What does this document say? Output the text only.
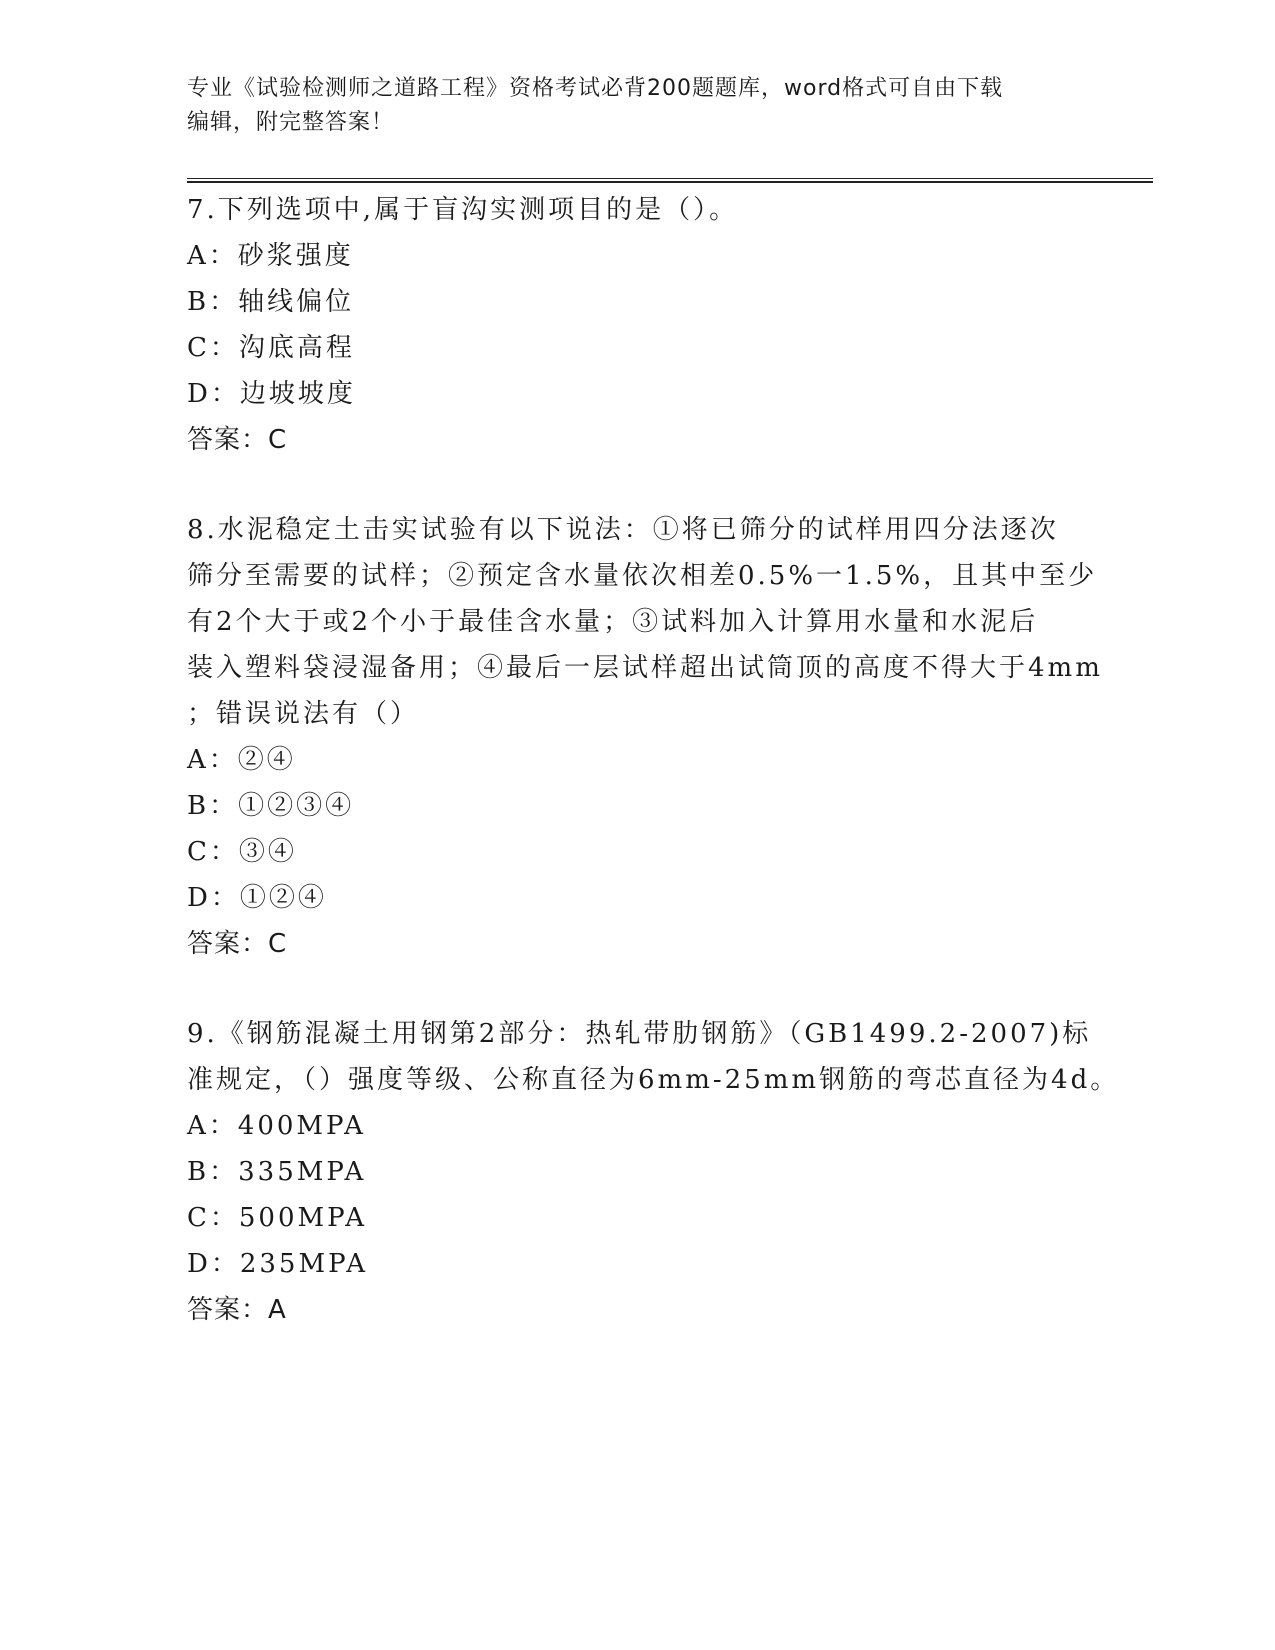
专业《试验检测师之道路工程》资格考试必背200题题库，word格式可自由下载
编辑，附完整答案！
7.下列选项中,属于盲沟实测项目的是（）。
A：砂浆强度
B：轴线偏位
C：沟底高程
D：边坡坡度
答案：C
8.水泥稳定土击实试验有以下说法：①将已筛分的试样用四分法逐次
筛分至需要的试样；②预定含水量依次相差0.5%一1.5%，且其中至少
有2个大于或2个小于最佳含水量；③试料加入计算用水量和水泥后
装入塑料袋浸湿备用；④最后一层试样超出试筒顶的高度不得大于4mm
；错误说法有（）
A：②④
B：①②③④
C：③④
D：①②④
答案：C
9.《钢筋混凝土用钢第2部分：热轧带肋钢筋》（GB1499.2-2007)标
准规定，（）强度等级、公称直径为6mm-25mm钢筋的弯芯直径为4d。
A：400MPA
B：335MPA
C：500MPA
D：235MPA
答案：A
